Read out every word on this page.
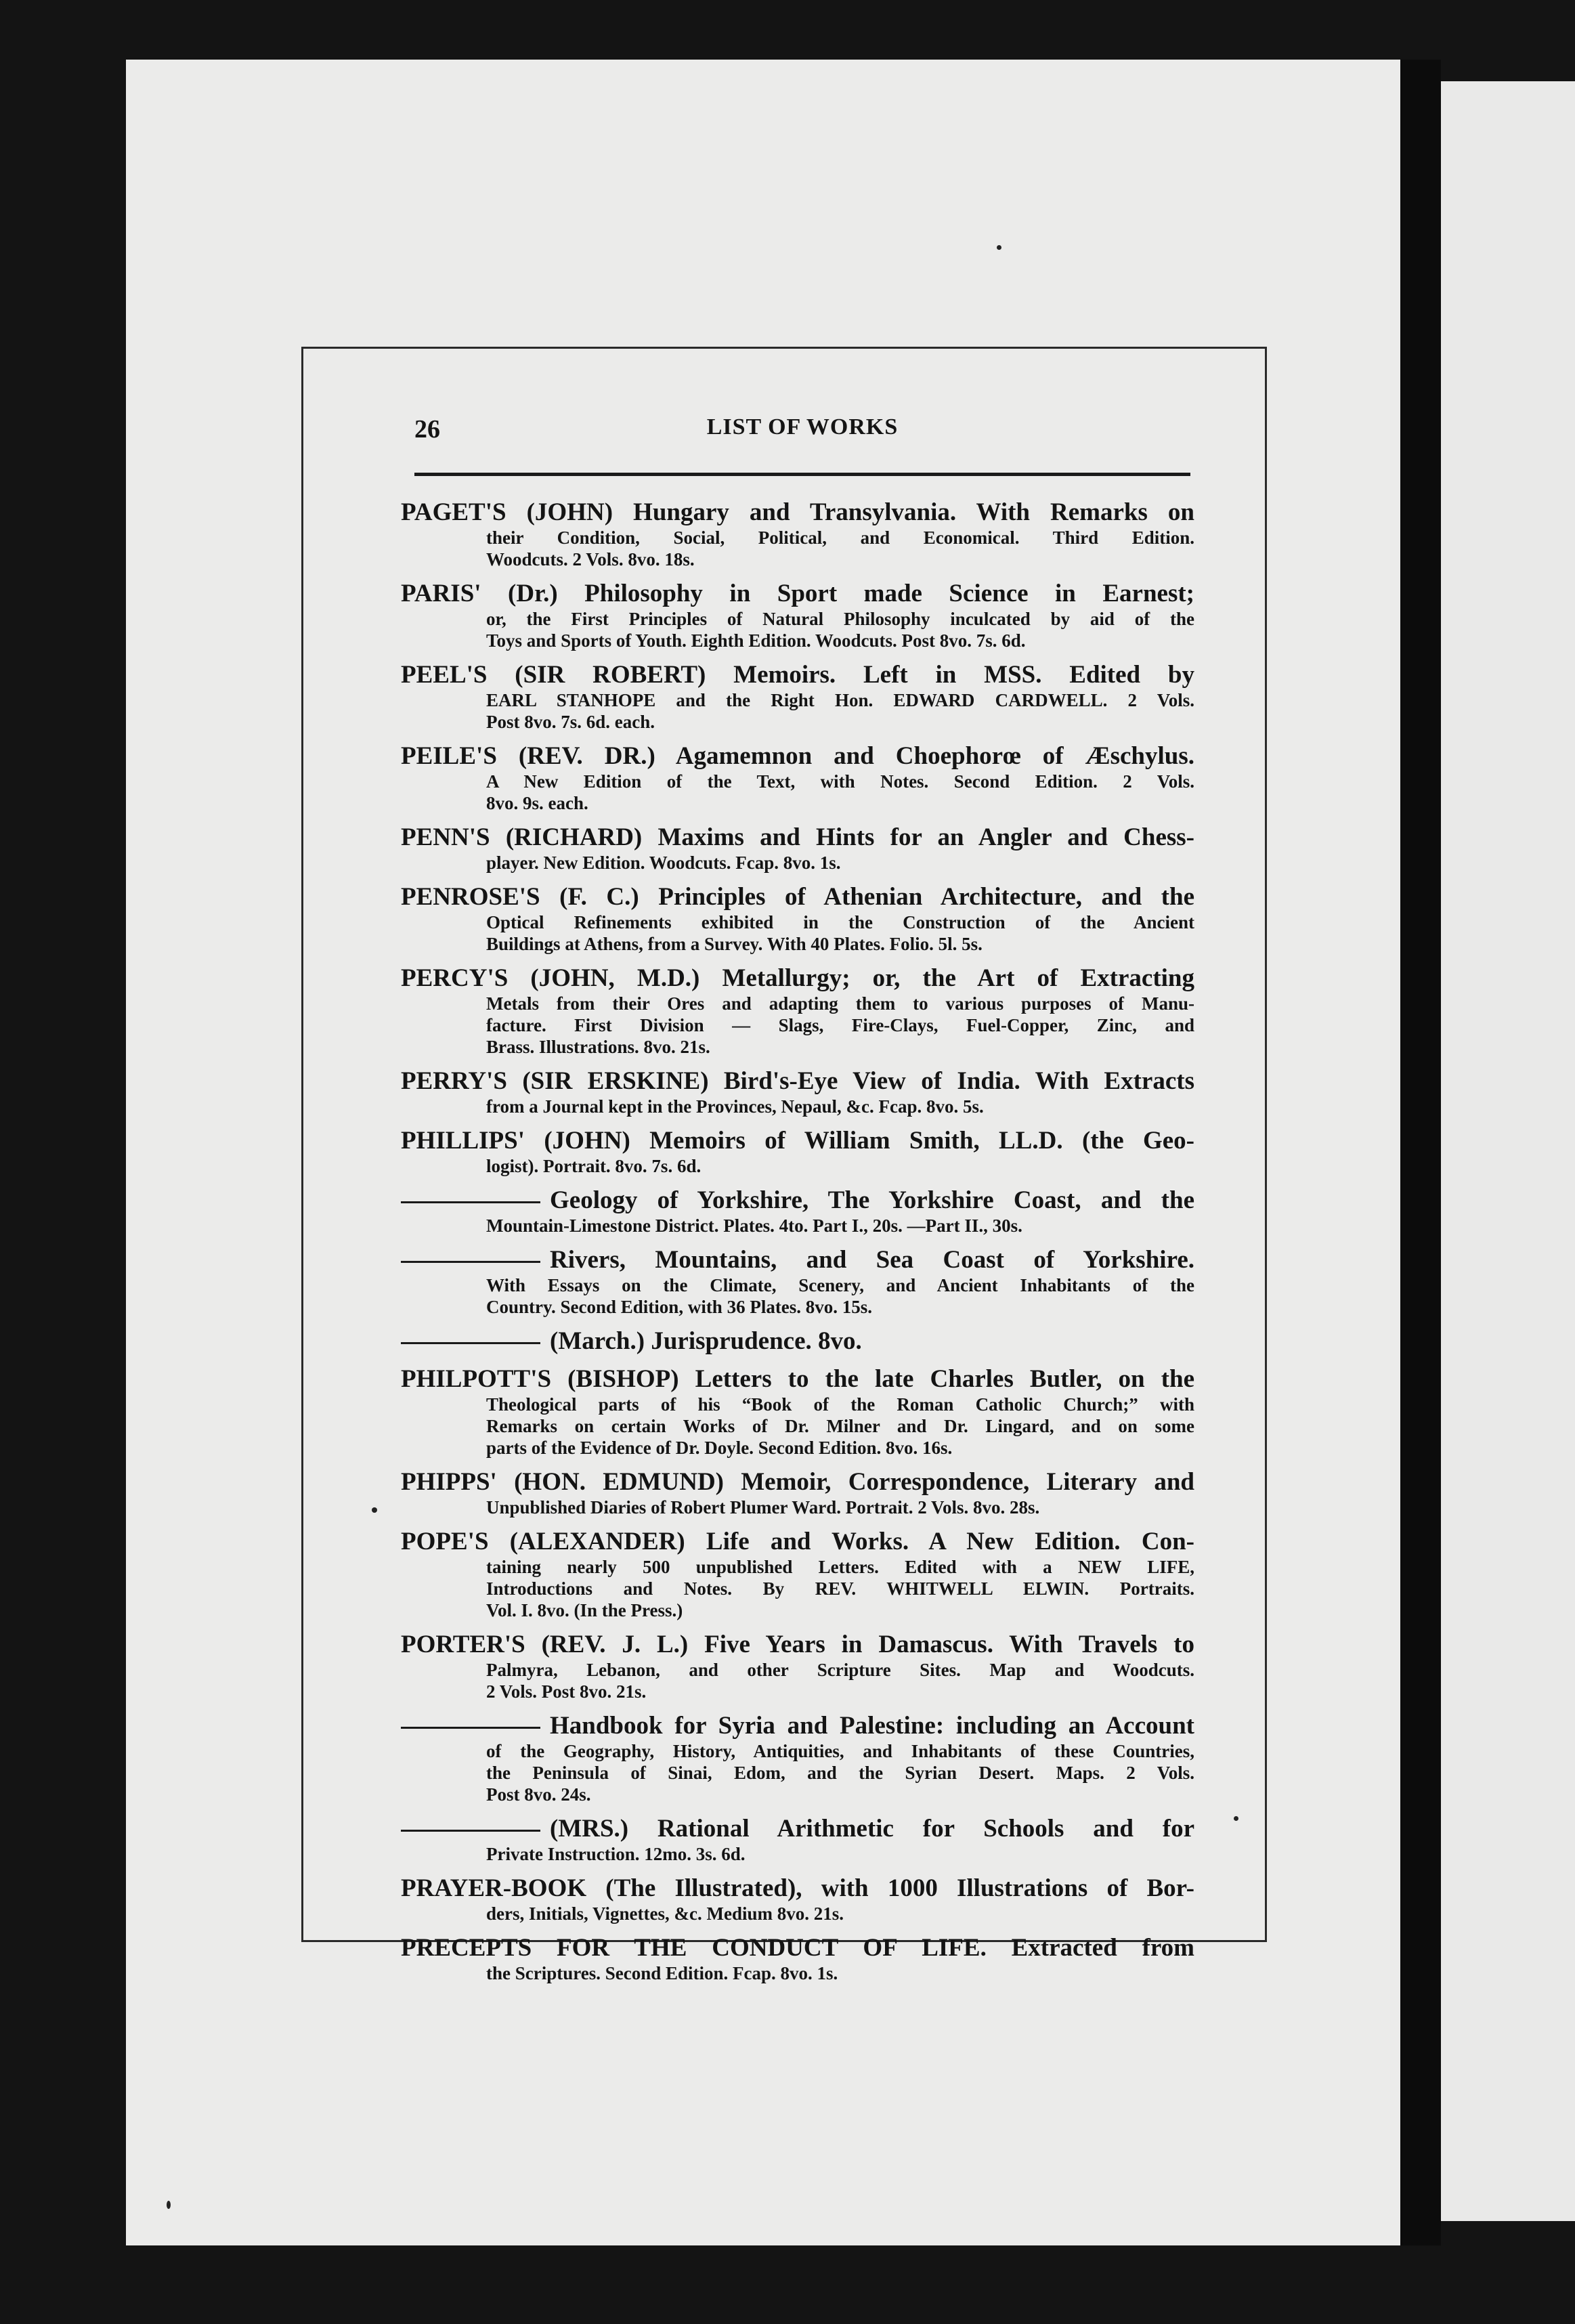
26	LIST OF WORKS
PAGET'S (JOHN) Hungary and Transylvania. With Remarks on
their Condition, Social, Political, and Economical. Third Edition.
Woodcuts. 2 Vols. 8vo. 18s.
PARIS' (Dr.) Philosophy in Sport made Science in Earnest;
or, the First Principles of Natural Philosophy inculcated by aid of the
Toys and Sports of Youth. Eighth Edition. Woodcuts. Post 8vo. 7s. 6d.
PEEL'S (SIR ROBERT) Memoirs. Left in MSS. Edited by
EARL STANHOPE and the Right Hon. EDWARD CARDWELL. 2 Vols.
Post 8vo. 7s. 6d. each.
PEILE'S (REV. DR.) Agamemnon and Choephorœ of Æschylus.
A New Edition of the Text, with Notes. Second Edition. 2 Vols.
8vo. 9s. each.
PENN'S (RICHARD) Maxims and Hints for an Angler and Chess-
player. New Edition. Woodcuts. Fcap. 8vo. 1s.
PENROSE'S (F. C.) Principles of Athenian Architecture, and the
Optical Refinements exhibited in the Construction of the Ancient
Buildings at Athens, from a Survey. With 40 Plates. Folio. 5l. 5s.
PERCY'S (JOHN, M.D.) Metallurgy; or, the Art of Extracting
Metals from their Ores and adapting them to various purposes of Manu-
facture. First Division — Slags, Fire-Clays, Fuel-Copper, Zinc, and
Brass. Illustrations. 8vo. 21s.
PERRY'S (SIR ERSKINE) Bird's-Eye View of India. With Extracts
from a Journal kept in the Provinces, Nepaul, &c. Fcap. 8vo. 5s.
PHILLIPS' (JOHN) Memoirs of William Smith, LL.D. (the Geo-
logist). Portrait. 8vo. 7s. 6d.
Geology of Yorkshire, The Yorkshire Coast, and the
Mountain-Limestone District. Plates. 4to. Part I., 20s. —Part II., 30s.
Rivers, Mountains, and Sea Coast of Yorkshire.
With Essays on the Climate, Scenery, and Ancient Inhabitants of the
Country. Second Edition, with 36 Plates. 8vo. 15s.
(March.) Jurisprudence. 8vo.
PHILPOTT'S (BISHOP) Letters to the late Charles Butler, on the
Theological parts of his “Book of the Roman Catholic Church;” with
Remarks on certain Works of Dr. Milner and Dr. Lingard, and on some
parts of the Evidence of Dr. Doyle. Second Edition. 8vo. 16s.
PHIPPS' (HON. EDMUND) Memoir, Correspondence, Literary and
Unpublished Diaries of Robert Plumer Ward. Portrait. 2 Vols. 8vo. 28s.
POPE'S (ALEXANDER) Life and Works. A New Edition. Con-
taining nearly 500 unpublished Letters. Edited with a NEW LIFE,
Introductions and Notes. By REV. WHITWELL ELWIN. Portraits.
Vol. I. 8vo. (In the Press.)
PORTER'S (REV. J. L.) Five Years in Damascus. With Travels to
Palmyra, Lebanon, and other Scripture Sites. Map and Woodcuts.
2 Vols. Post 8vo. 21s.
Handbook for Syria and Palestine: including an Account
of the Geography, History, Antiquities, and Inhabitants of these Countries,
the Peninsula of Sinai, Edom, and the Syrian Desert. Maps. 2 Vols.
Post 8vo. 24s.
(MRS.) Rational Arithmetic for Schools and for
Private Instruction. 12mo. 3s. 6d.
PRAYER-BOOK (The Illustrated), with 1000 Illustrations of Bor-
ders, Initials, Vignettes, &c. Medium 8vo. 21s.
PRECEPTS FOR THE CONDUCT OF LIFE. Extracted from
the Scriptures. Second Edition. Fcap. 8vo. 1s.
